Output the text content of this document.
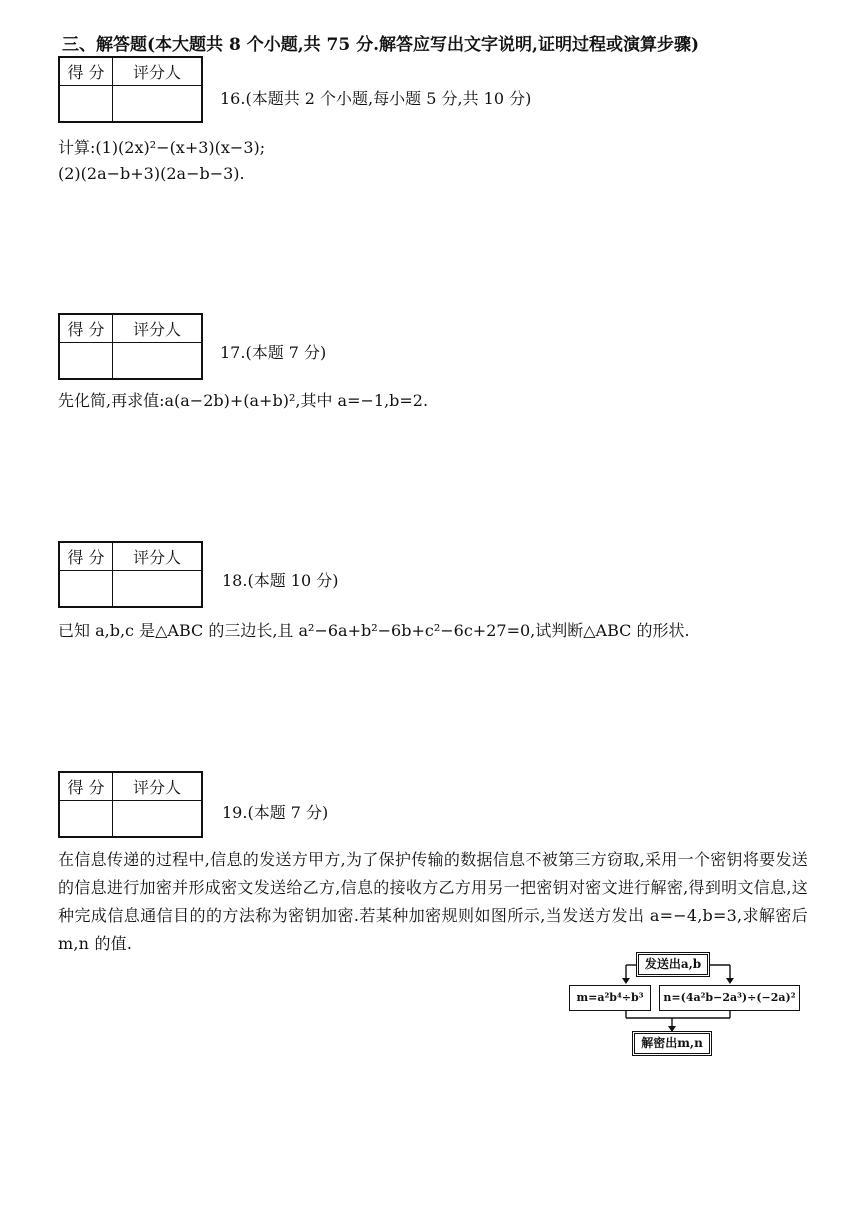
三、解答题(本大题共 8 个小题,共 75 分.解答应写出文字说明,证明过程或演算步骤)
得 分	评分人

16.(本题共 2 个小题,每小题 5 分,共 10 分)
计算:(1)(2x)²−(x+3)(x−3);
(2)(2a−b+3)(2a−b−3).
得 分	评分人

17.(本题 7 分)
先化简,再求值:a(a−2b)+(a+b)²,其中 a=−1,b=2.
得 分	评分人

18.(本题 10 分)
已知 a,b,c 是△ABC 的三边长,且 a²−6a+b²−6b+c²−6c+27=0,试判断△ABC 的形状.
得 分	评分人

19.(本题 7 分)
在信息传递的过程中,信息的发送方甲方,为了保护传输的数据信息不被第三方窃取,采用一个密钥将要发送的信息进行加密并形成密文发送给乙方,信息的接收方乙方用另一把密钥对密文进行解密,得到明文信息,这种完成信息通信目的的方法称为密钥加密.若某种加密规则如图所示,当发送方发出 a=−4,b=3,求解密后 m,n 的值.
发送出a,b
m=a²b⁴÷b³	n=(4a²b−2a³)÷(−2a)²
解密出m,n
